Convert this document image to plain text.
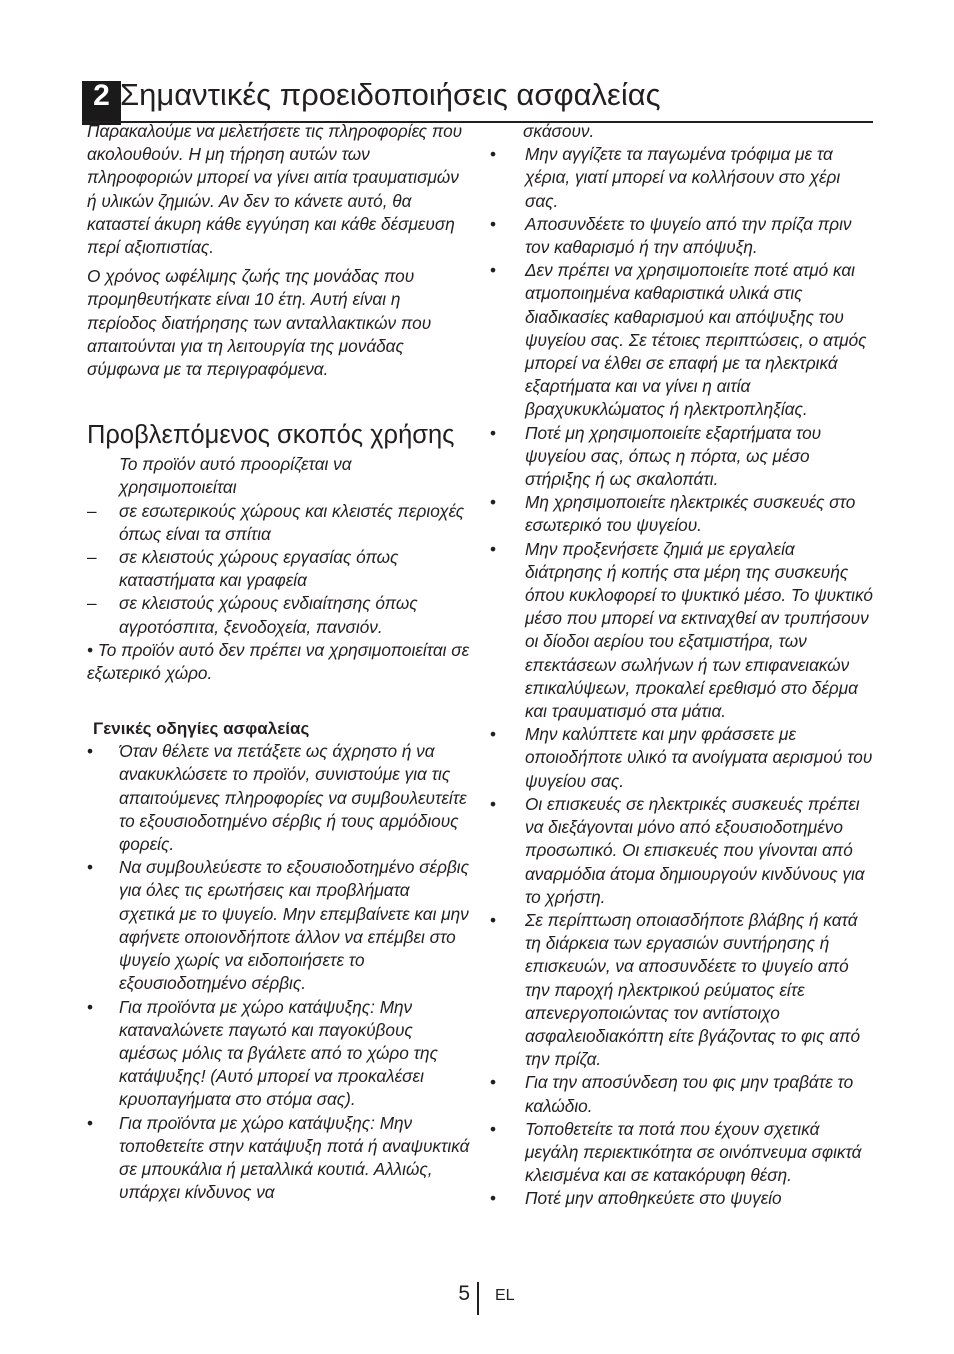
2 Σημαντικές προειδοποιήσεις ασφαλείας

Παρακαλούμε να μελετήσετε τις πληροφορίες που ακολουθούν. Η μη τήρηση αυτών των πληροφοριών μπορεί να γίνει αιτία τραυματισμών ή υλικών ζημιών. Αν δεν το κάνετε αυτό, θα καταστεί άκυρη κάθε εγγύηση και κάθε δέσμευση περί αξιοπιστίας.

Ο χρόνος ωφέλιμης ζωής της μονάδας που προμηθευτήκατε είναι 10 έτη. Αυτή είναι η περίοδος διατήρησης των ανταλλακτικών που απαιτούνται για τη λειτουργία της μονάδας σύμφωνα με τα περιγραφόμενα.

Προβλεπόμενος σκοπός χρήσης

Το προϊόν αυτό προορίζεται να χρησιμοποιείται

–	σε εσωτερικούς χώρους και κλειστές περιοχές όπως είναι τα σπίτια
–	σε κλειστούς χώρους εργασίας όπως καταστήματα και γραφεία
–	σε κλειστούς χώρους ενδιαίτησης όπως αγροτόσπιτα, ξενοδοχεία, πανσιόν.

• Το προϊόν αυτό δεν πρέπει να χρησιμοποιείται σε εξωτερικό χώρο.

Γενικές οδηγίες ασφαλείας
•	Όταν θέλετε να πετάξετε ως άχρηστο ή να ανακυκλώσετε το προϊόν, συνιστούμε για τις απαιτούμενες πληροφορίες να συμβουλευτείτε το εξουσιοδοτημένο σέρβις ή τους αρμόδιους φορείς.
•	Να συμβουλεύεστε το εξουσιοδοτημένο σέρβις για όλες τις ερωτήσεις και προβλήματα σχετικά με το ψυγείο. Μην επεμβαίνετε και μην αφήνετε οποιονδήποτε άλλον να επέμβει στο ψυγείο χωρίς να ειδοποιήσετε το εξουσιοδοτημένο σέρβις.
•	Για προϊόντα με χώρο κατάψυξης: Μην καταναλώνετε παγωτό και παγοκύβους αμέσως μόλις τα βγάλετε από το χώρο της κατάψυξης! (Αυτό μπορεί να προκαλέσει κρυοπαγήματα στο στόμα σας).
•	Για προϊόντα με χώρο κατάψυξης: Μην τοποθετείτε στην κατάψυξη ποτά ή αναψυκτικά σε μπουκάλια ή μεταλλικά κουτιά. Αλλιώς, υπάρχει κίνδυνος να

σκάσουν.

•	Μην αγγίζετε τα παγωμένα τρόφιμα με τα χέρια, γιατί μπορεί να κολλήσουν στο χέρι σας.
•	Αποσυνδέετε το ψυγείο από την πρίζα πριν τον καθαρισμό ή την απόψυξη.
•	Δεν πρέπει να χρησιμοποιείτε ποτέ ατμό και ατμοποιημένα καθαριστικά υλικά στις διαδικασίες καθαρισμού και απόψυξης του ψυγείου σας. Σε τέτοιες περιπτώσεις, ο ατμός μπορεί να έλθει σε επαφή με τα ηλεκτρικά εξαρτήματα και να γίνει η αιτία βραχυκυκλώματος ή ηλεκτροπληξίας.
•	Ποτέ μη χρησιμοποιείτε εξαρτήματα του ψυγείου σας, όπως η πόρτα, ως μέσο στήριξης ή ως σκαλοπάτι.
•	Μη χρησιμοποιείτε ηλεκτρικές συσκευές στο εσωτερικό του ψυγείου.
•	Μην προξενήσετε ζημιά με εργαλεία διάτρησης ή κοπής στα μέρη της συσκευής όπου κυκλοφορεί το ψυκτικό μέσο. Το ψυκτικό μέσο που μπορεί να εκτιναχθεί αν τρυπήσουν οι δίοδοι αερίου του εξατμιστήρα, των επεκτάσεων σωλήνων ή των επιφανειακών επικαλύψεων, προκαλεί ερεθισμό στο δέρμα και τραυματισμό στα μάτια.
•	Μην καλύπτετε και μην φράσσετε με οποιοδήποτε υλικό τα ανοίγματα αερισμού του ψυγείου σας.
•	Οι επισκευές σε ηλεκτρικές συσκευές πρέπει να διεξάγονται μόνο από εξουσιοδοτημένο προσωπικό. Οι επισκευές που γίνονται από αναρμόδια άτομα δημιουργούν κινδύνους για το χρήστη.
•	Σε περίπτωση οποιασδήποτε βλάβης ή κατά τη διάρκεια των εργασιών συντήρησης ή επισκευών, να αποσυνδέετε το ψυγείο από την παροχή ηλεκτρικού ρεύματος είτε απενεργοποιώντας τον αντίστοιχο ασφαλειοδιακόπτη είτε βγάζοντας το φις από την πρίζα.
•	Για την αποσύνδεση του φις μην τραβάτε το καλώδιο.
•	Τοποθετείτε τα ποτά που έχουν σχετικά μεγάλη περιεκτικότητα σε οινόπνευμα σφικτά κλεισμένα και σε κατακόρυφη θέση.
•	Ποτέ μην αποθηκεύετε στο ψυγείο
5 EL
